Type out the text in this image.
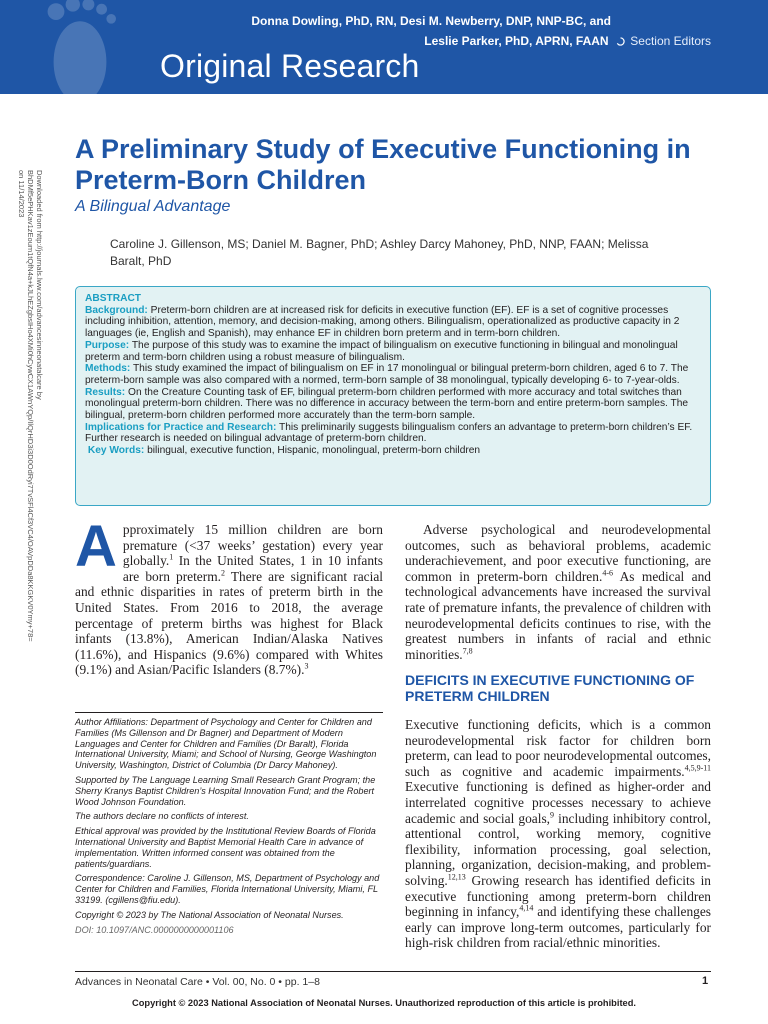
Donna Dowling, PhD, RN, Desi M. Newberry, DNP, NNP-BC, and
Leslie Parker, PhD, APRN, FAAN Section Editors
Original Research
Downloaded from http://journals.lww.com/advancesinneonatalcare by BhDMf5ePHKav1zEoum1tQfN4a+kJLhEZgbsIHo4XMi0hCywCX1AWnYQp/IlQrHD3i3D0OdRyi7TvSFl4Cf3VC4/OAVpDDa8KKGKV0Ymy+78= on 11/14/2023
A Preliminary Study of Executive Functioning in Preterm-Born Children
A Bilingual Advantage
Caroline J. Gillenson, MS; Daniel M. Bagner, PhD; Ashley Darcy Mahoney, PhD, NNP, FAAN; Melissa Baralt, PhD

ABSTRACT

Background: Preterm-born children are at increased risk for deficits in executive function (EF). EF is a set of cognitive processes including inhibition, attention, memory, and decision-making, among others. Bilingualism, operationalized as productive capacity in 2 languages (ie, English and Spanish), may enhance EF in children born preterm and in term-born children.

Purpose: The purpose of this study was to examine the impact of bilingualism on executive functioning in bilingual and monolingual preterm and term-born children using a robust measure of bilingualism.

Methods: This study examined the impact of bilingualism on EF in 17 monolingual or bilingual preterm-born children, aged 6 to 7. The preterm-born sample was also compared with a normed, term-born sample of 38 monolingual, typically developing 6- to 7-year-olds.

Results: On the Creature Counting task of EF, bilingual preterm-born children performed with more accuracy and total switches than monolingual preterm-born children. There was no difference in accuracy between the term-born and entire preterm-born samples. The bilingual, preterm-born children performed more accurately than the term-born sample.

Implications for Practice and Research: This preliminarily suggests bilingualism confers an advantage to preterm-born children’s EF. Further research is needed on bilingual advantage of preterm-born children.

Key Words: bilingual, executive function, Hispanic, monolingual, preterm-born children

Approximately 15 million children are born premature (<37 weeks’ gestation) every year globally.$^1$ In the United States, 1 in 10 infants are born preterm.$^2$ There are significant racial and ethnic disparities in rates of preterm birth in the United States. From 2016 to 2018, the average percentage of preterm births was highest for Black infants (13.8%), American Indian/Alaska Natives (11.6%), and Hispanics (9.6%) compared with Whites (9.1%) and Asian/Pacific Islanders (8.7%).$^3$

Author Affiliations: Department of Psychology and Center for Children and Families (Ms Gillenson and Dr Bagner) and Department of Modern Languages and Center for Children and Families (Dr Baralt), Florida International University, Miami; and School of Nursing, George Washington University, Washington, District of Columbia (Dr Darcy Mahoney).

Supported by The Language Learning Small Research Grant Program; the Sherry Kranys Baptist Children’s Hospital Innovation Fund; and the Robert Wood Johnson Foundation.

The authors declare no conflicts of interest.

Ethical approval was provided by the Institutional Review Boards of Florida International University and Baptist Memorial Health Care in advance of implementation. Written informed consent was obtained from the patients/guardians.

Correspondence: Caroline J. Gillenson, MS, Department of Psychology and Center for Children and Families, Florida International University, Miami, FL 33199. (cgillens@fiu.edu).

Copyright © 2023 by The National Association of Neonatal Nurses.

DOI: 10.1097/ANC.0000000000001106

Adverse psychological and neurodevelopmental outcomes, such as behavioral problems, academic underachievement, and poor executive functioning, are common in preterm-born children.$^{4-6}$ As medical and technological advancements have increased the survival rate of premature infants, the prevalence of children with neurodevelopmental deficits continues to rise, with the greatest numbers in infants of racial and ethnic minorities.$^{7,8}$
DEFICITS IN EXECUTIVE FUNCTIONING OF PRETERM CHILDREN
Executive functioning deficits, which is a common neurodevelopmental risk factor for children born preterm, can lead to poor neurodevelopmental outcomes, such as cognitive and academic impairments.$^{4,5,9-11}$ Executive functioning is defined as higher-order and interrelated cognitive processes necessary to achieve academic and social goals,$^9$ including inhibitory control, attentional control, working memory, cognitive flexibility, information processing, goal selection, planning, organization, decision-making, and problem-solving.$^{12,13}$ Growing research has identified deficits in executive functioning among preterm-born children beginning in infancy,$^{4,14}$ and identifying these challenges early can improve long-term outcomes, particularly for high-risk children from racial/ethnic minorities.
Advances in Neonatal Care • Vol. 00, No. 0 • pp. 1–8	1
Copyright © 2023 National Association of Neonatal Nurses. Unauthorized reproduction of this article is prohibited.
